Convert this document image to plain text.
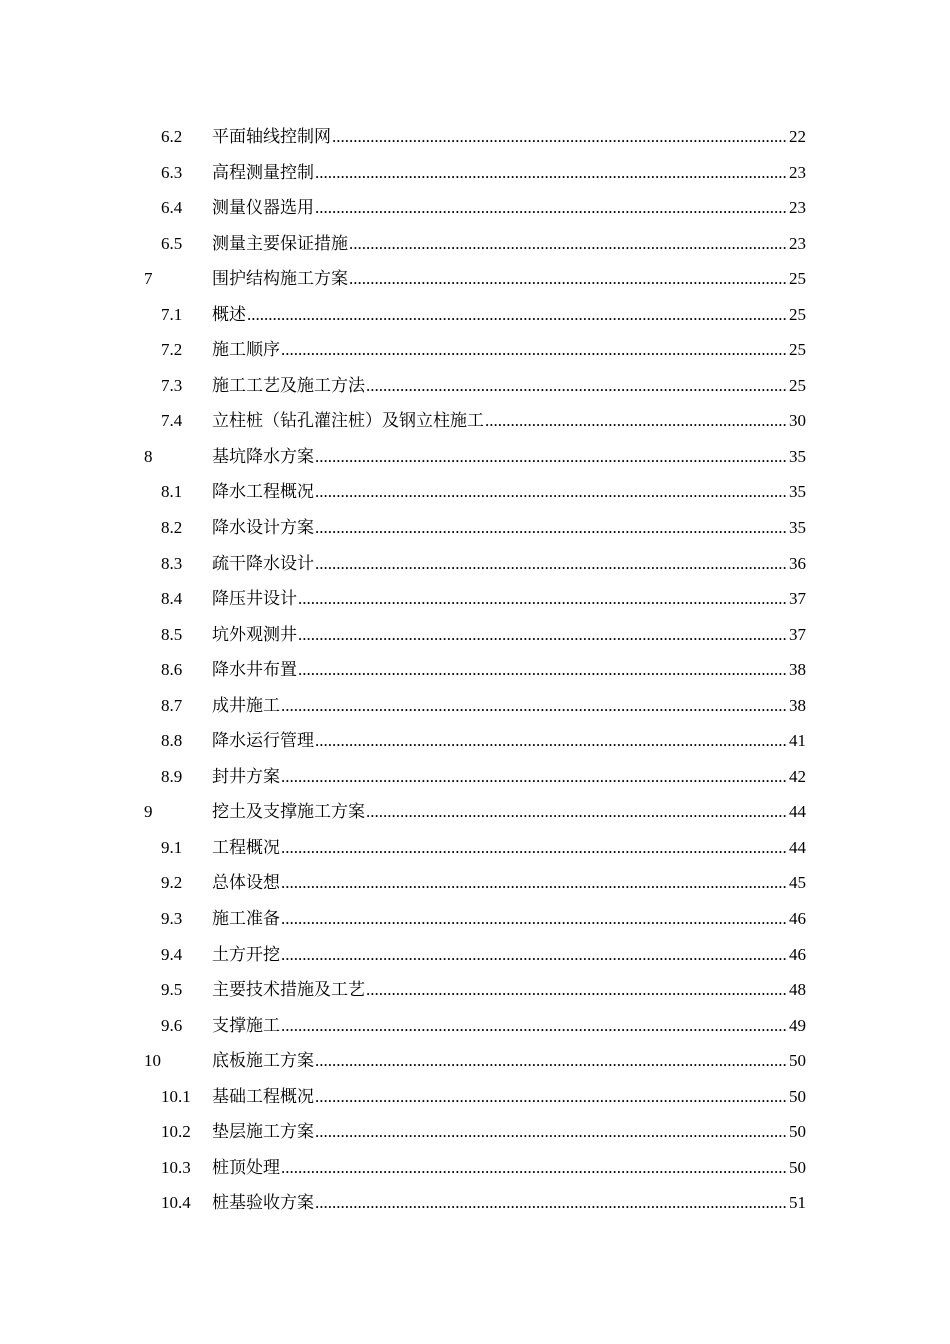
6.2 平面轴线控制网 .....	22
6.3 高程测量控制 .....	23
6.4 测量仪器选用 .....	23
6.5 测量主要保证措施 .....	23
7	围护结构施工方案 .....	25
7.1 概述 .....	25
7.2 施工顺序 .....	25
7.3 施工工艺及施工方法 .....	25
7.4 立柱桩（钻孔灌注桩）及钢立柱施工 .....	30
8	基坑降水方案 .....	35
8.1 降水工程概况 .....	35
8.2 降水设计方案 .....	35
8.3 疏干降水设计 .....	36
8.4 降压井设计 .....	37
8.5 坑外观测井 .....	37
8.6 降水井布置 .....	38
8.7 成井施工 .....	38
8.8 降水运行管理 .....	41
8.9 封井方案 .....	42
9	挖土及支撑施工方案 .....	44
9.1 工程概况 .....	44
9.2 总体设想 .....	45
9.3 施工准备 .....	46
9.4 土方开挖 .....	46
9.5 主要技术措施及工艺 .....	48
9.6 支撑施工 .....	49
10	底板施工方案 .....	50
10.1 基础工程概况 .....	50
10.2 垫层施工方案 .....	50
10.3 桩顶处理 .....	50
10.4 桩基验收方案 .....	51
